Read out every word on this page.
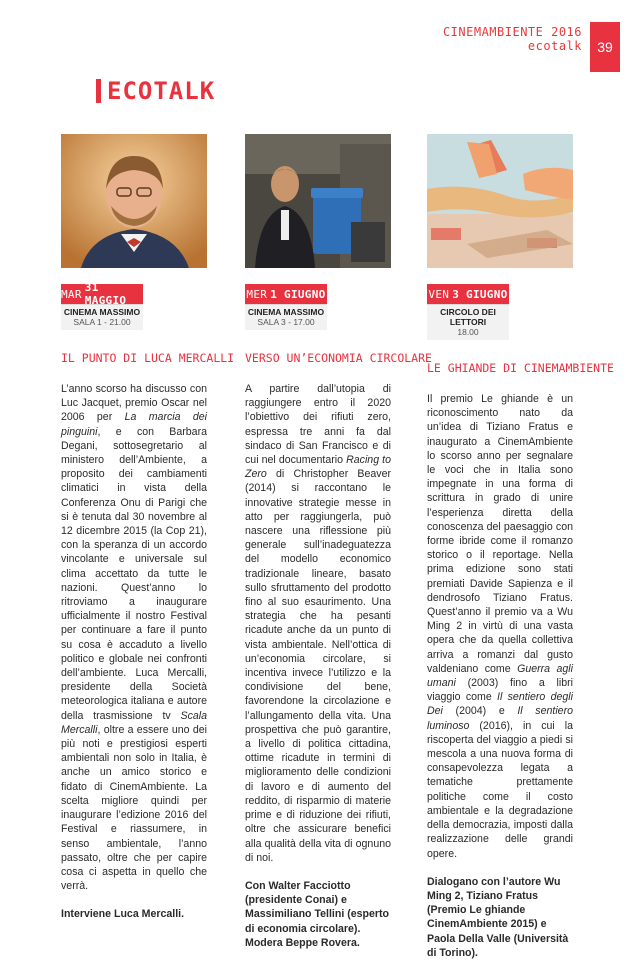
CINEMAMBIENTE 2016
ecotalk	39
ECOTALK
MAR 31 MAGGIO
CINEMA MASSIMO
SALA 1 - 21.00
IL PUNTO DI LUCA MERCALLI
L’anno scorso ha discusso con Luc Jacquet, premio Oscar nel 2006 per La marcia dei pinguini, e con Barbara Degani, sottosegretario al ministero dell’Ambiente, a proposito dei cambiamenti climatici in vista della Conferenza Onu di Parigi che si è tenuta dal 30 novembre al 12 dicembre 2015 (la Cop 21), con la speranza di un accordo vincolante e universale sul clima accettato da tutte le nazioni. Quest’anno lo ritroviamo a inaugurare ufficialmente il nostro Festival per continuare a fare il punto su cosa è accaduto a livello politico e globale nei confronti dell’ambiente. Luca Mercalli, presidente della Società meteorologica italiana e autore della trasmissione tv Scala Mercalli, oltre a essere uno dei più noti e prestigiosi esperti ambientali non solo in Italia, è anche un amico storico e fidato di CinemAmbiente. La scelta migliore quindi per inaugurare l’edizione 2016 del Festival e riassumere, in senso ambientale, l’anno passato, oltre che per capire cosa ci aspetta in quello che verrà.
Interviene Luca Mercalli.
MER 1 GIUGNO
CINEMA MASSIMO
SALA 3 - 17.00
VERSO UN’ECONOMIA CIRCOLARE
A partire dall’utopia di raggiungere entro il 2020 l’obiettivo dei rifiuti zero, espressa tre anni fa dal sindaco di San Francisco e di cui nel documentario Racing to Zero di Christopher Beaver (2014) si raccontano le innovative strategie messe in atto per raggiungerla, può nascere una riflessione più generale sull’inadeguatezza del modello economico tradizionale lineare, basato sullo sfruttamento del prodotto fino al suo esaurimento. Una strategia che ha pesanti ricadute anche da un punto di vista ambientale. Nell’ottica di un’economia circolare, si incentiva invece l’utilizzo e la condivisione del bene, favorendone la circolazione e l’allungamento della vita. Una prospettiva che può garantire, a livello di politica cittadina, ottime ricadute in termini di miglioramento delle condizioni di lavoro e di aumento del reddito, di risparmio di materie prime e di riduzione dei rifiuti, oltre che assicurare benefici alla qualità della vita di ognuno di noi.
Con Walter Facciotto (presidente Conai) e Massimiliano Tellini (esperto di economia circolare). Modera Beppe Rovera.
VEN 3 GIUGNO
CIRCOLO DEI LETTORI
18.00
LE GHIANDE DI CINEMAMBIENTE
Il premio Le ghiande è un riconoscimento nato da un’idea di Tiziano Fratus e inaugurato a CinemAmbiente lo scorso anno per segnalare le voci che in Italia sono impegnate in una forma di scrittura in grado di unire l’esperienza diretta della conoscenza del paesaggio con forme ibride come il romanzo storico o il reportage. Nella prima edizione sono stati premiati Davide Sapienza e il dendrosofo Tiziano Fratus. Quest’anno il premio va a Wu Ming 2 in virtù di una vasta opera che da quella collettiva arriva a romanzi dal gusto valdeniano come Guerra agli umani (2003) fino a libri viaggio come Il sentiero degli Dei (2004) e Il sentiero luminoso (2016), in cui la riscoperta del viaggio a piedi si mescola a una nuova forma di consapevolezza legata a tematiche prettamente politiche come il costo ambientale e la degradazione della democrazia, imposti dalla realizzazione delle grandi opere.
Dialogano con l’autore Wu Ming 2, Tiziano Fratus (Premio Le ghiande CinemAmbiente 2015) e Paola Della Valle (Università di Torino).
